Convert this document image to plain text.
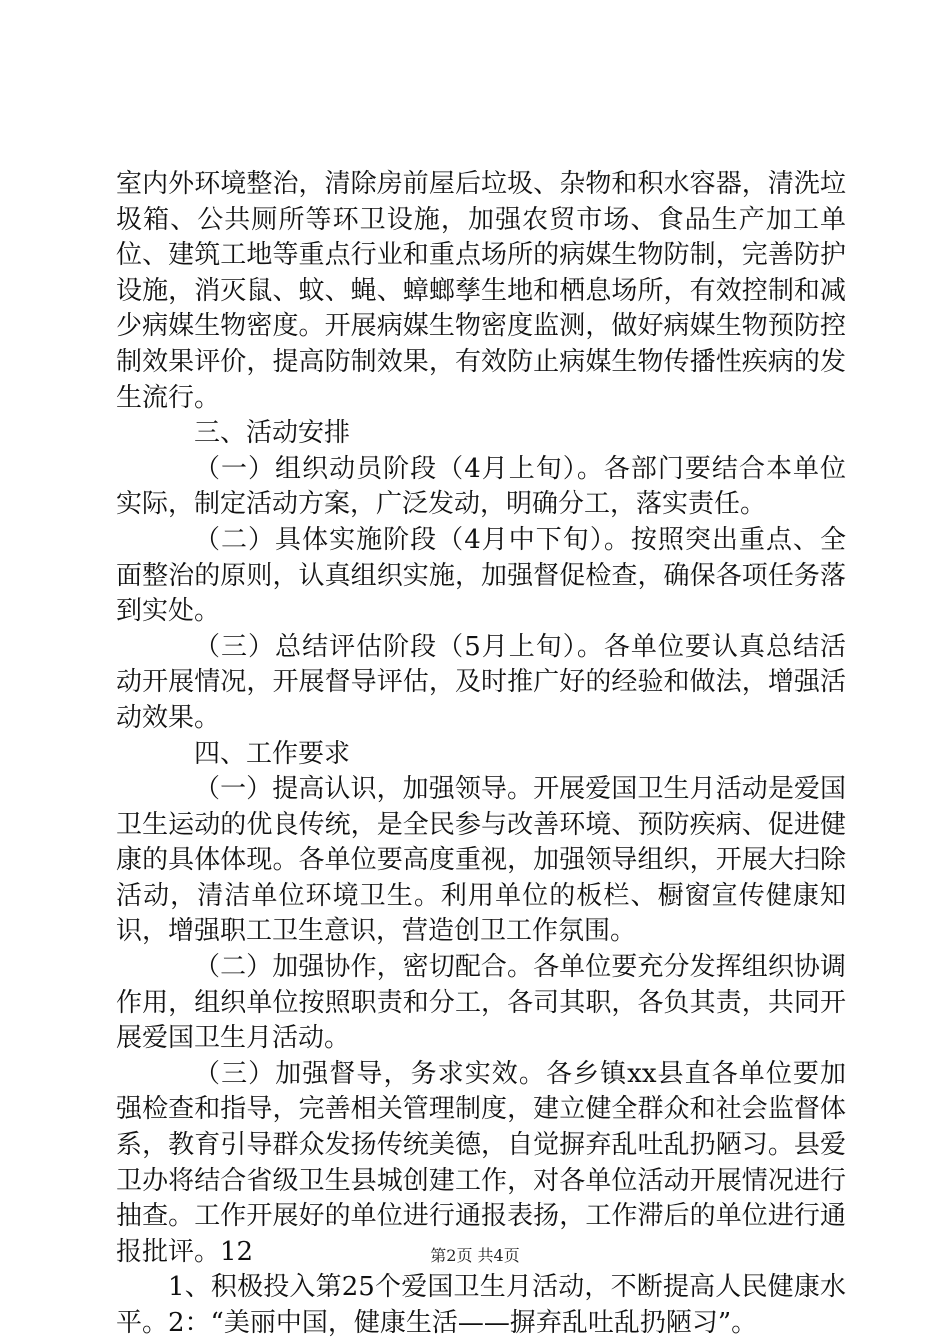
室内外环境整治，清除房前屋后垃圾、杂物和积水容器，清洗垃圾箱、公共厕所等环卫设施，加强农贸市场、食品生产加工单位、建筑工地等重点行业和重点场所的病媒生物防制，完善防护设施，消灭鼠、蚊、蝇、蟑螂孳生地和栖息场所，有效控制和减少病媒生物密度。开展病媒生物密度监测，做好病媒生物预防控制效果评价，提高防制效果，有效防止病媒生物传播性疾病的发生流行。

三、活动安排

（一）组织动员阶段（4月上旬）。各部门要结合本单位实际，制定活动方案，广泛发动，明确分工，落实责任。

（二）具体实施阶段（4月中下旬）。按照突出重点、全面整治的原则，认真组织实施，加强督促检查，确保各项任务落到实处。

（三）总结评估阶段（5月上旬）。各单位要认真总结活动开展情况，开展督导评估，及时推广好的经验和做法，增强活动效果。

四、工作要求

（一）提高认识，加强领导。开展爱国卫生月活动是爱国卫生运动的优良传统，是全民参与改善环境、预防疾病、促进健康的具体体现。各单位要高度重视，加强领导组织，开展大扫除活动，清洁单位环境卫生。利用单位的板栏、橱窗宣传健康知识，增强职工卫生意识，营造创卫工作氛围。

（二）加强协作，密切配合。各单位要充分发挥组织协调作用，组织单位按照职责和分工，各司其职，各负其责，共同开展爱国卫生月活动。

（三）加强督导，务求实效。各乡镇xx县直各单位要加强检查和指导，完善相关管理制度，建立健全群众和社会监督体系，教育引导群众发扬传统美德，自觉摒弃乱吐乱扔陋习。县爱卫办将结合省级卫生县城创建工作，对各单位活动开展情况进行抽查。工作开展好的单位进行通报表扬，工作滞后的单位进行通报批评。12

1、积极投入第25个爱国卫生月活动，不断提高人民健康水平。2：“美丽中国，健康生活——摒弃乱吐乱扔陋习”。

第2页 共4页
